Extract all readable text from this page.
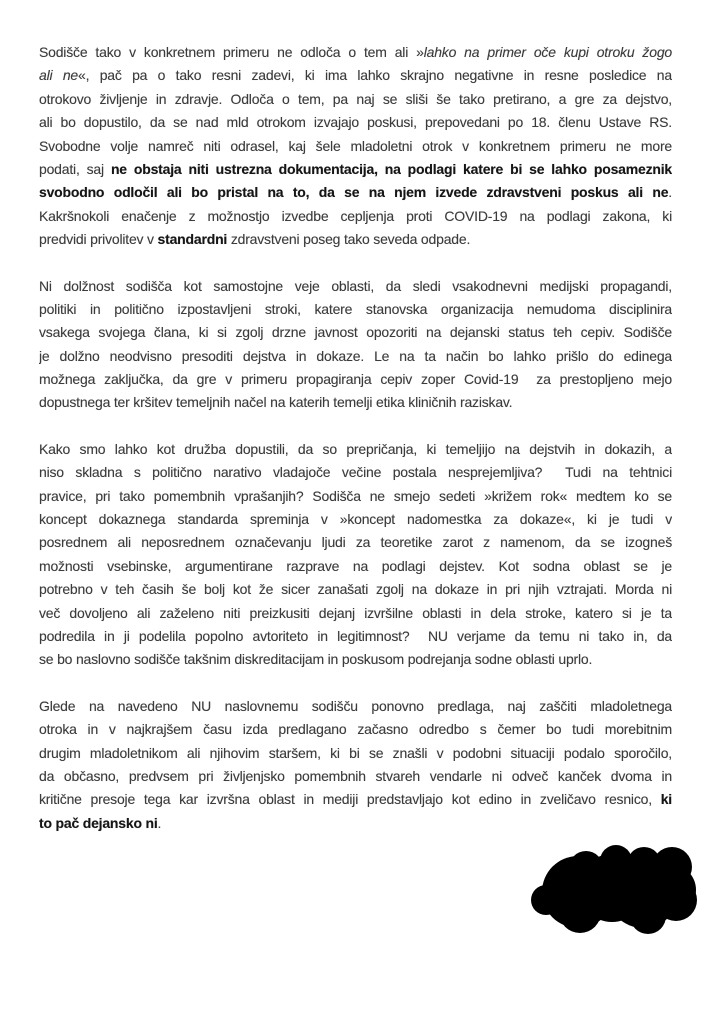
Sodišče tako v konkretnem primeru ne odloča o tem ali »lahko na primer oče kupi otroku žogo
ali ne«, pač pa o tako resni zadevi, ki ima lahko skrajno negativne in resne posledice na
otrokovo življenje in zdravje. Odloča o tem, pa naj se sliši še tako pretirano, a gre za dejstvo,
ali bo dopustilo, da se nad mld otrokom izvajajo poskusi, prepovedani po 18. členu Ustave RS.
Svobodne volje namreč niti odrasel, kaj šele mladoletni otrok v konkretnem primeru ne more
podati, saj ne obstaja niti ustrezna dokumentacija, na podlagi katere bi se lahko posameznik
svobodno odločil ali bo pristal na to, da se na njem izvede zdravstveni poskus ali ne.
Kakršnokoli enačenje z možnostjo izvedbe cepljenja proti COVID-19 na podlagi zakona, ki
predvidi privolitev v standardni zdravstveni poseg tako seveda odpade.
Ni dolžnost sodišča kot samostojne veje oblasti, da sledi vsakodnevni medijski propagandi,
politiki in politično izpostavljeni stroki, katere stanovska organizacija nemudoma disciplinira
vsakega svojega člana, ki si zgolj drzne javnost opozoriti na dejanski status teh cepiv. Sodišče
je dolžno neodvisno presoditi dejstva in dokaze. Le na ta način bo lahko prišlo do edinega
možnega zaključka, da gre v primeru propagiranja cepiv zoper Covid-19  za prestopljeno mejo
dopustnega ter kršitev temeljnih načel na katerih temelji etika kliničnih raziskav.
Kako smo lahko kot družba dopustili, da so prepričanja, ki temeljijo na dejstvih in dokazih, a
niso skladna s politično narativo vladajoče večine postala nesprejemljiva?  Tudi na tehtnici
pravice, pri tako pomembnih vprašanjih? Sodišča ne smejo sedeti »križem rok« medtem ko se
koncept dokaznega standarda spreminja v »koncept nadomestka za dokaze«, ki je tudi v
posrednem ali neposrednem označevanju ljudi za teoretike zarot z namenom, da se izogneš
možnosti vsebinske, argumentirane razprave na podlagi dejstev. Kot sodna oblast se je
potrebno v teh časih še bolj kot že sicer zanašati zgolj na dokaze in pri njih vztrajati. Morda ni
več dovoljeno ali zaželeno niti preizkusiti dejanj izvršilne oblasti in dela stroke, katero si je ta
podredila in ji podelila popolno avtoriteto in legitimnost?  NU verjame da temu ni tako in, da
se bo naslovno sodišče takšnim diskreditacijam in poskusom podrejanja sodne oblasti uprlo.
Glede na navedeno NU naslovnemu sodišču ponovno predlaga, naj zaščiti mladoletnega
otroka in v najkrajšem času izda predlagano začasno odredbo s čemer bo tudi morebitnim
drugim mladoletnikom ali njihovim staršem, ki bi se znašli v podobni situaciji podalo sporočilo,
da občasno, predvsem pri življenjsko pomembnih stvareh vendarle ni odveč kanček dvoma in
kritične presoje tega kar izvršna oblast in mediji predstavljajo kot edino in zveličavo resnico, ki
to pač dejansko ni.
